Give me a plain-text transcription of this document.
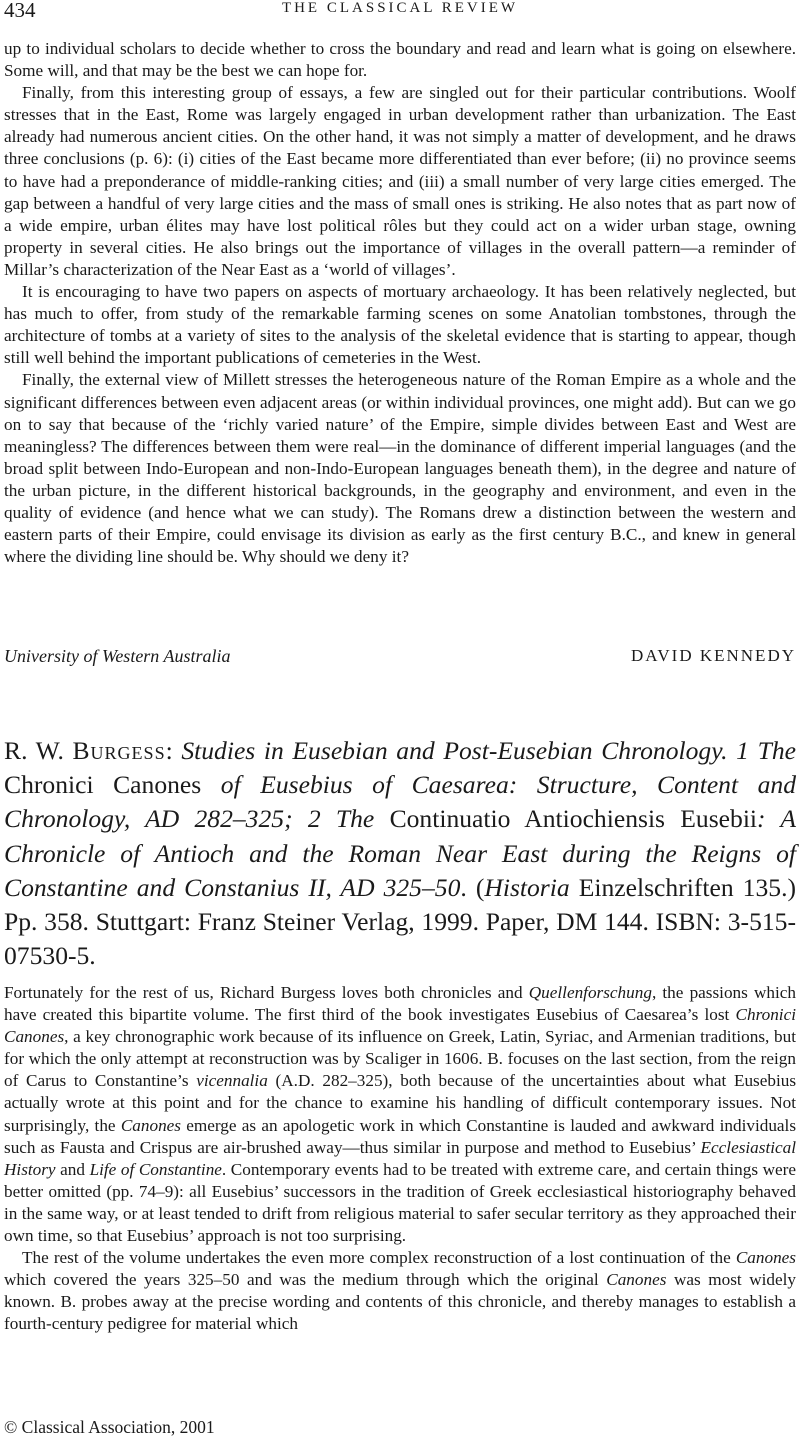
434	THE CLASSICAL REVIEW

up to individual scholars to decide whether to cross the boundary and read and learn what is going on elsewhere. Some will, and that may be the best we can hope for.

Finally, from this interesting group of essays, a few are singled out for their particular contributions. Woolf stresses that in the East, Rome was largely engaged in urban development rather than urbanization. The East already had numerous ancient cities. On the other hand, it was not simply a matter of development, and he draws three conclusions (p. 6): (i) cities of the East became more differentiated than ever before; (ii) no province seems to have had a preponderance of middle-ranking cities; and (iii) a small number of very large cities emerged. The gap between a handful of very large cities and the mass of small ones is striking. He also notes that as part now of a wide empire, urban élites may have lost political rôles but they could act on a wider urban stage, owning property in several cities. He also brings out the importance of villages in the overall pattern—a reminder of Millar’s characterization of the Near East as a ‘world of villages’.

It is encouraging to have two papers on aspects of mortuary archaeology. It has been relatively neglected, but has much to offer, from study of the remarkable farming scenes on some Anatolian tombstones, through the architecture of tombs at a variety of sites to the analysis of the skeletal evidence that is starting to appear, though still well behind the important publications of cemeteries in the West.

Finally, the external view of Millett stresses the heterogeneous nature of the Roman Empire as a whole and the significant differences between even adjacent areas (or within individual provinces, one might add). But can we go on to say that because of the ‘richly varied nature’ of the Empire, simple divides between East and West are meaningless? The differences between them were real—in the dominance of different imperial languages (and the broad split between Indo-European and non-Indo-European languages beneath them), in the degree and nature of the urban picture, in the different historical backgrounds, in the geography and environment, and even in the quality of evidence (and hence what we can study). The Romans drew a distinction between the western and eastern parts of their Empire, could envisage its division as early as the first century B.C., and knew in general where the dividing line should be. Why should we deny it?

University of Western Australia	DAVID KENNEDY
R. W. Burgess: Studies in Eusebian and Post-Eusebian Chronology. 1 The Chronici Canones of Eusebius of Caesarea: Structure, Content and Chronology, AD 282–325; 2 The Continuatio Antiochiensis Eusebii: A Chronicle of Antioch and the Roman Near East during the Reigns of Constantine and Constanius II, AD 325–50. (Historia Einzelschriften 135.) Pp. 358. Stuttgart: Franz Steiner Verlag, 1999. Paper, DM 144. ISBN: 3-515-07530-5.

Fortunately for the rest of us, Richard Burgess loves both chronicles and Quellenforschung, the passions which have created this bipartite volume. The first third of the book investigates Eusebius of Caesarea’s lost Chronici Canones, a key chronographic work because of its influence on Greek, Latin, Syriac, and Armenian traditions, but for which the only attempt at reconstruction was by Scaliger in 1606. B. focuses on the last section, from the reign of Carus to Constantine’s vicennalia (A.D. 282–325), both because of the uncertainties about what Eusebius actually wrote at this point and for the chance to examine his handling of difficult contemporary issues. Not surprisingly, the Canones emerge as an apologetic work in which Constantine is lauded and awkward individuals such as Fausta and Crispus are air-brushed away—thus similar in purpose and method to Eusebius’ Ecclesiastical History and Life of Constantine. Contemporary events had to be treated with extreme care, and certain things were better omitted (pp. 74–9): all Eusebius’ successors in the tradition of Greek ecclesiastical historiography behaved in the same way, or at least tended to drift from religious material to safer secular territory as they approached their own time, so that Eusebius’ approach is not too surprising.

The rest of the volume undertakes the even more complex reconstruction of a lost continuation of the Canones which covered the years 325–50 and was the medium through which the original Canones was most widely known. B. probes away at the precise wording and contents of this chronicle, and thereby manages to establish a fourth-century pedigree for material which

© Classical Association, 2001
